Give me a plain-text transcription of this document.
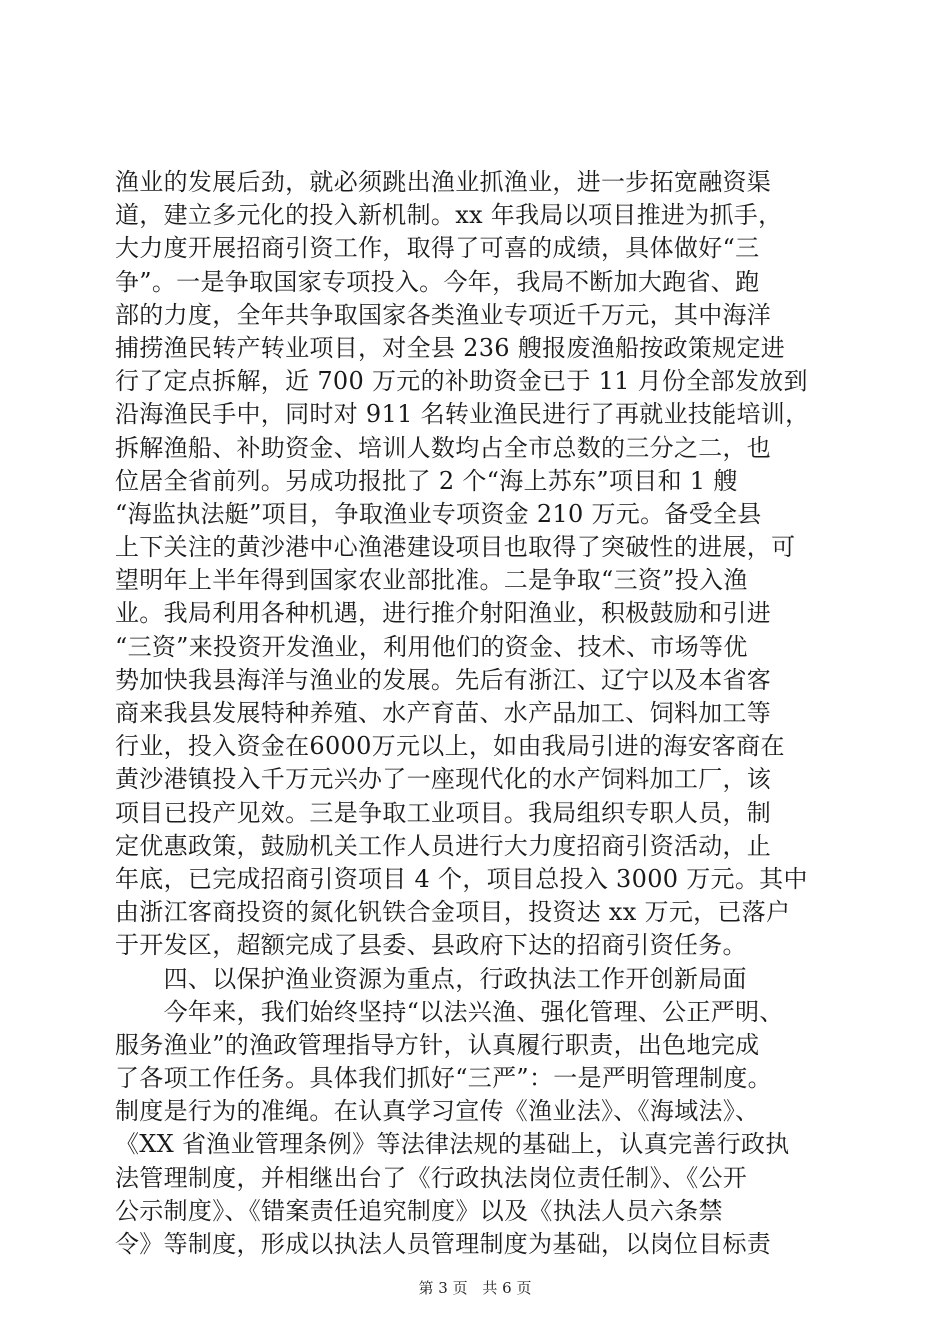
渔业的发展后劲，就必须跳出渔业抓渔业，进一步拓宽融资渠
道，建立多元化的投入新机制。xx 年我局以项目推进为抓手，
大力度开展招商引资工作，取得了可喜的成绩，具体做好“三
争”。一是争取国家专项投入。今年，我局不断加大跑省、跑
部的力度，全年共争取国家各类渔业专项近千万元，其中海洋
捕捞渔民转产转业项目，对全县 236 艘报废渔船按政策规定进
行了定点拆解，近 700 万元的补助资金已于 11 月份全部发放到
沿海渔民手中，同时对 911 名转业渔民进行了再就业技能培训，
拆解渔船、补助资金、培训人数均占全市总数的三分之二，也
位居全省前列。另成功报批了 2 个“海上苏东”项目和 1 艘
“海监执法艇”项目，争取渔业专项资金 210 万元。备受全县
上下关注的黄沙港中心渔港建设项目也取得了突破性的进展，可
望明年上半年得到国家农业部批准。二是争取“三资”投入渔
业。我局利用各种机遇，进行推介射阳渔业，积极鼓励和引进
“三资”来投资开发渔业，利用他们的资金、技术、市场等优
势加快我县海洋与渔业的发展。先后有浙江、辽宁以及本省客
商来我县发展特种养殖、水产育苗、水产品加工、饲料加工等
行业，投入资金在6000万元以上，如由我局引进的海安客商在
黄沙港镇投入千万元兴办了一座现代化的水产饲料加工厂，该
项目已投产见效。三是争取工业项目。我局组织专职人员，制
定优惠政策，鼓励机关工作人员进行大力度招商引资活动，止
年底，已完成招商引资项目 4 个，项目总投入 3000 万元。其中
由浙江客商投资的氮化钒铁合金项目，投资达 xx 万元，已落户
于开发区，超额完成了县委、县政府下达的招商引资任务。
　　四、以保护渔业资源为重点，行政执法工作开创新局面
　　今年来，我们始终坚持“以法兴渔、强化管理、公正严明、
服务渔业”的渔政管理指导方针，认真履行职责，出色地完成
了各项工作任务。具体我们抓好“三严”：一是严明管理制度。
制度是行为的准绳。在认真学习宣传《渔业法》、《海域法》、
《XX 省渔业管理条例》等法律法规的基础上，认真完善行政执
法管理制度，并相继出台了《行政执法岗位责任制》、《公开
公示制度》、《错案责任追究制度》以及《执法人员六条禁
令》等制度，形成以执法人员管理制度为基础，以岗位目标责
第 3 页 共 6 页
